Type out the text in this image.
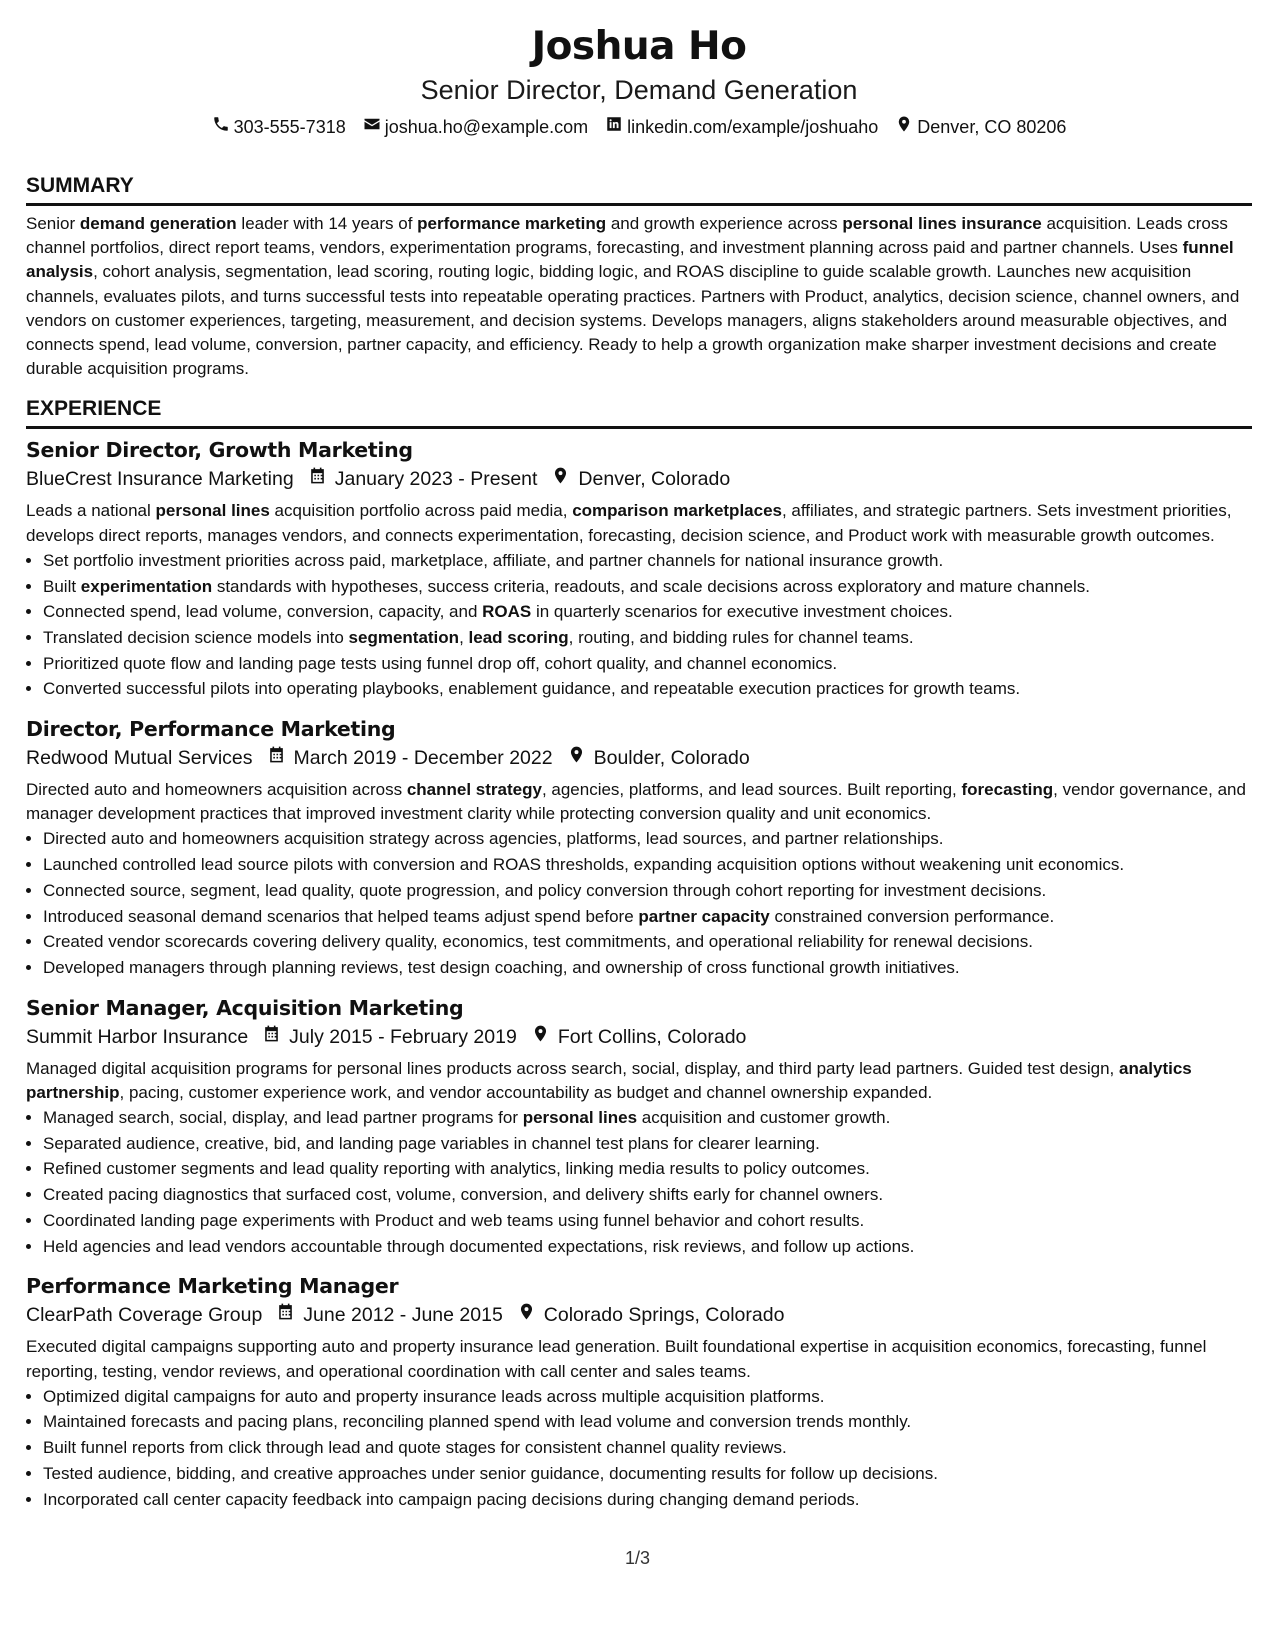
Joshua Ho
Senior Director, Demand Generation
303-555-7318 joshua.ho@example.com linkedin.com/example/joshuaho Denver, CO 80206
SUMMARY
Senior demand generation leader with 14 years of performance marketing and growth experience across personal lines insurance acquisition. Leads cross channel portfolios, direct report teams, vendors, experimentation programs, forecasting, and investment planning across paid and partner channels. Uses funnel analysis, cohort analysis, segmentation, lead scoring, routing logic, bidding logic, and ROAS discipline to guide scalable growth. Launches new acquisition channels, evaluates pilots, and turns successful tests into repeatable operating practices. Partners with Product, analytics, decision science, channel owners, and vendors on customer experiences, targeting, measurement, and decision systems. Develops managers, aligns stakeholders around measurable objectives, and connects spend, lead volume, conversion, partner capacity, and efficiency. Ready to help a growth organization make sharper investment decisions and create durable acquisition programs.
EXPERIENCE
Senior Director, Growth Marketing
BlueCrest Insurance Marketing January 2023 - Present Denver, Colorado
Leads a national personal lines acquisition portfolio across paid media, comparison marketplaces, affiliates, and strategic partners. Sets investment priorities, develops direct reports, manages vendors, and connects experimentation, forecasting, decision science, and Product work with measurable growth outcomes.
• Set portfolio investment priorities across paid, marketplace, affiliate, and partner channels for national insurance growth.
• Built experimentation standards with hypotheses, success criteria, readouts, and scale decisions across exploratory and mature channels.
• Connected spend, lead volume, conversion, capacity, and ROAS in quarterly scenarios for executive investment choices.
• Translated decision science models into segmentation, lead scoring, routing, and bidding rules for channel teams.
• Prioritized quote flow and landing page tests using funnel drop off, cohort quality, and channel economics.
• Converted successful pilots into operating playbooks, enablement guidance, and repeatable execution practices for growth teams.
Director, Performance Marketing
Redwood Mutual Services March 2019 - December 2022 Boulder, Colorado
Directed auto and homeowners acquisition across channel strategy, agencies, platforms, and lead sources. Built reporting, forecasting, vendor governance, and manager development practices that improved investment clarity while protecting conversion quality and unit economics.
• Directed auto and homeowners acquisition strategy across agencies, platforms, lead sources, and partner relationships.
• Launched controlled lead source pilots with conversion and ROAS thresholds, expanding acquisition options without weakening unit economics.
• Connected source, segment, lead quality, quote progression, and policy conversion through cohort reporting for investment decisions.
• Introduced seasonal demand scenarios that helped teams adjust spend before partner capacity constrained conversion performance.
• Created vendor scorecards covering delivery quality, economics, test commitments, and operational reliability for renewal decisions.
• Developed managers through planning reviews, test design coaching, and ownership of cross functional growth initiatives.
Senior Manager, Acquisition Marketing
Summit Harbor Insurance July 2015 - February 2019 Fort Collins, Colorado
Managed digital acquisition programs for personal lines products across search, social, display, and third party lead partners. Guided test design, analytics partnership, pacing, customer experience work, and vendor accountability as budget and channel ownership expanded.
• Managed search, social, display, and lead partner programs for personal lines acquisition and customer growth.
• Separated audience, creative, bid, and landing page variables in channel test plans for clearer learning.
• Refined customer segments and lead quality reporting with analytics, linking media results to policy outcomes.
• Created pacing diagnostics that surfaced cost, volume, conversion, and delivery shifts early for channel owners.
• Coordinated landing page experiments with Product and web teams using funnel behavior and cohort results.
• Held agencies and lead vendors accountable through documented expectations, risk reviews, and follow up actions.
Performance Marketing Manager
ClearPath Coverage Group June 2012 - June 2015 Colorado Springs, Colorado
Executed digital campaigns supporting auto and property insurance lead generation. Built foundational expertise in acquisition economics, forecasting, funnel reporting, testing, vendor reviews, and operational coordination with call center and sales teams.
• Optimized digital campaigns for auto and property insurance leads across multiple acquisition platforms.
• Maintained forecasts and pacing plans, reconciling planned spend with lead volume and conversion trends monthly.
• Built funnel reports from click through lead and quote stages for consistent channel quality reviews.
• Tested audience, bidding, and creative approaches under senior guidance, documenting results for follow up decisions.
• Incorporated call center capacity feedback into campaign pacing decisions during changing demand periods.
1/3
